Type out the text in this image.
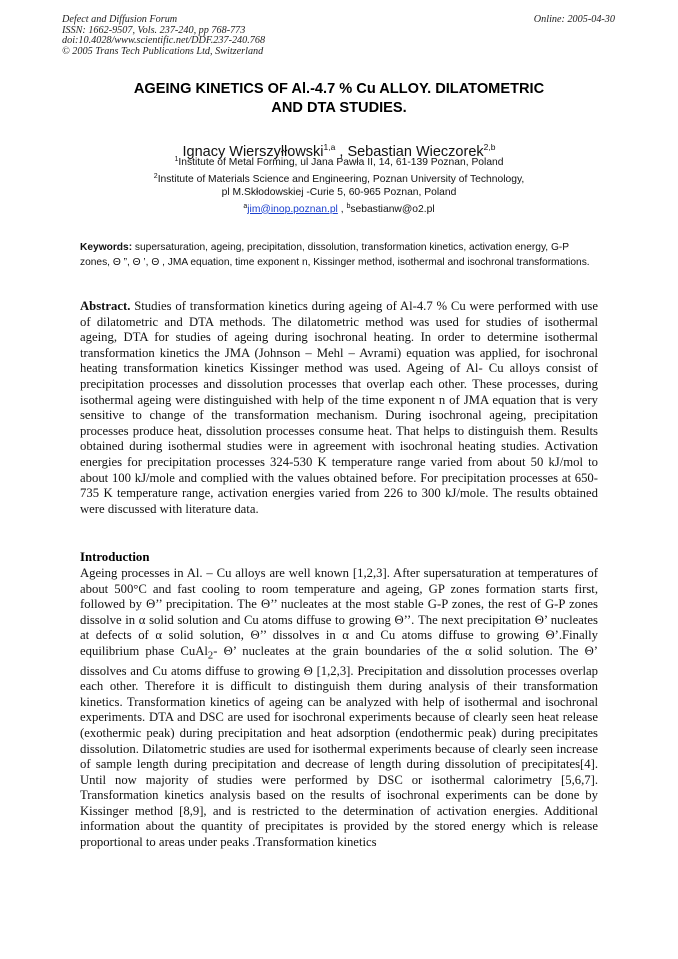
Defect and Diffusion Forum
ISSN: 1662-9507, Vols. 237-240, pp 768-773
doi:10.4028/www.scientific.net/DDF.237-240.768
© 2005 Trans Tech Publications Ltd, Switzerland
Online: 2005-04-30
AGEING KINETICS OF Al.-4.7 % Cu ALLOY. DILATOMETRIC
AND DTA STUDIES.
Ignacy Wierszyłłowski$^{1,a}$ , Sebastian Wieczorek$^{2,b}$
$^1$Institute of Metal Forming, ul Jana Pawła II, 14, 61-139 Poznan, Poland
$^2$Institute of Materials Science and Engineering, Poznan University of Technology,
pl M.Skłodowskiej -Curie 5, 60-965 Poznan, Poland
$^a$jim@inop.poznan.pl , $^b$sebastianw@o2.pl
Keywords: supersaturation, ageing, precipitation, dissolution, transformation kinetics, activation energy, G-P zones, Θ ”, Θ ’, Θ , JMA equation, time exponent n, Kissinger method, isothermal and isochronal transformations.
Abstract. Studies of transformation kinetics during ageing of Al-4.7 % Cu were performed with use of dilatometric and DTA methods. The dilatometric method was used for studies of isothermal ageing, DTA for studies of ageing during isochronal heating. In order to determine isothermal transformation kinetics the JMA (Johnson – Mehl – Avrami) equation was applied, for isochronal heating transformation kinetics Kissinger method was used. Ageing of Al- Cu alloys consist of precipitation processes and dissolution processes that overlap each other. These processes, during isothermal ageing were distinguished with help of the time exponent n of JMA equation that is very sensitive to change of the transformation mechanism. During isochronal ageing, precipitation processes produce heat, dissolution processes consume heat. That helps to distinguish them. Results obtained during isothermal studies were in agreement with isochronal heating studies. Activation energies for precipitation processes 324-530 K temperature range varied from about 50 kJ/mol to about 100 kJ/mole and complied with the values obtained before. For precipitation processes at 650- 735 K temperature range, activation energies varied from 226 to 300 kJ/mole. The results obtained were discussed with literature data.
Introduction
Ageing processes in Al. – Cu alloys are well known [1,2,3]. After supersaturation at temperatures of about 500°C and fast cooling to room temperature and ageing, GP zones formation starts first, followed by Θ’’ precipitation. The Θ’’ nucleates at the most stable G-P zones, the rest of G-P zones dissolve in α solid solution and Cu atoms diffuse to growing Θ’’. The next precipitation Θ’ nucleates at defects of α solid solution, Θ’’ dissolves in α and Cu atoms diffuse to growing Θ’.Finally equilibrium phase CuAl$_2$- Θ’ nucleates at the grain boundaries of the α solid solution. The Θ’ dissolves and Cu atoms diffuse to growing Θ [1,2,3]. Precipitation and dissolution processes overlap each other. Therefore it is difficult to distinguish them during analysis of their transformation kinetics. Transformation kinetics of ageing can be analyzed with help of isothermal and isochronal experiments. DTA and DSC are used for isochronal experiments because of clearly seen heat release (exothermic peak) during precipitation and heat adsorption (endothermic peak) during precipitates dissolution. Dilatometric studies are used for isothermal experiments because of clearly seen increase of sample length during precipitation and decrease of length during dissolution of precipitates[4]. Until now majority of studies were performed by DSC or isothermal calorimetry [5,6,7]. Transformation kinetics analysis based on the results of isochronal experiments can be done by Kissinger method [8,9], and is restricted to the determination of activation energies. Additional information about the quantity of precipitates is provided by the stored energy which is release proportional to areas under peaks .Transformation kinetics
